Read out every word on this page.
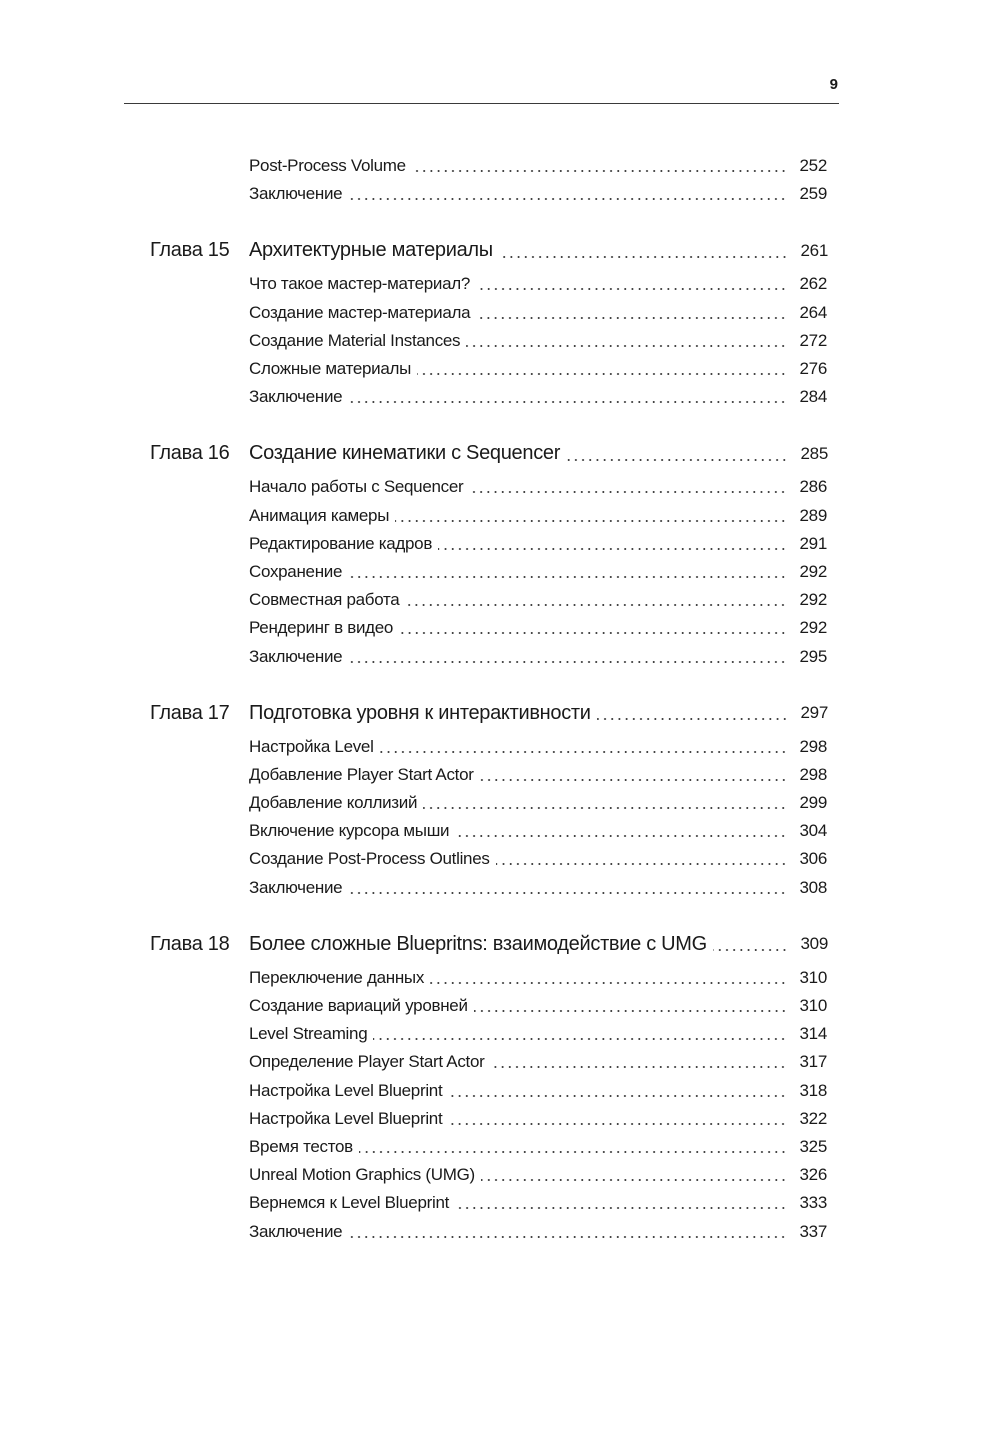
9
Post-Process Volume	252
Заключение	259
Глава 15 Архитектурные материалы	261
Что такое мастер-материал?	262
Создание мастер-материала	264
Создание Material Instances	272
Сложные материалы	276
Заключение	284
Глава 16 Создание кинематики с Sequencer	285
Начало работы с Sequencer	286
Анимация камеры	289
Редактирование кадров	291
Сохранение	292
Совместная работа	292
Рендеринг в видео	292
Заключение	295
Глава 17 Подготовка уровня к интерактивности	297
Настройка Level	298
Добавление Player Start Actor	298
Добавление коллизий	299
Включение курсора мыши	304
Создание Post-Process Outlines	306
Заключение	308
Глава 18 Более сложные Bluepritns: взаимодействие с UMG	309
Переключение данных	310
Создание вариаций уровней	310
Level Streaming	314
Определение Player Start Actor	317
Настройка Level Blueprint	318
Настройка Level Blueprint	322
Время тестов	325
Unreal Motion Graphics (UMG)	326
Вернемся к Level Blueprint	333
Заключение	337
